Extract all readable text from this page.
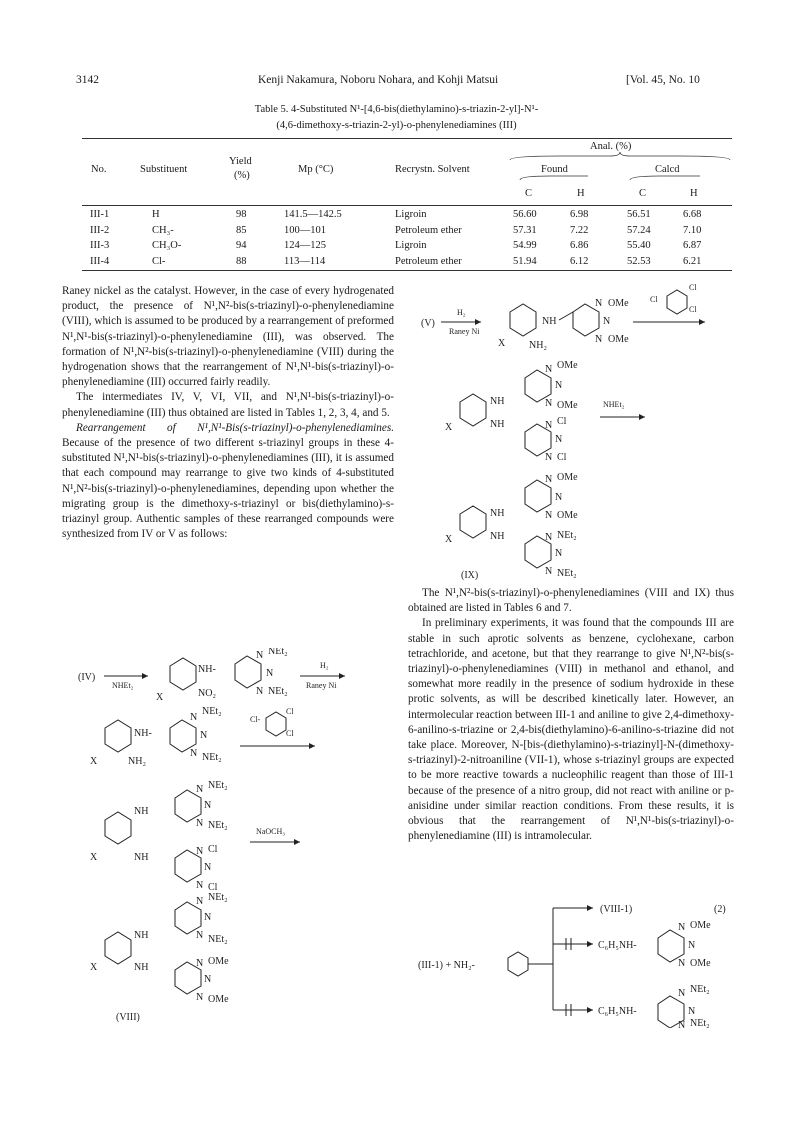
3142	Kenji Nakamura, Noboru Nohara, and Kohji Matsui	[Vol. 45, No. 10
Table 5. 4-Substituted N¹-[4,6-bis(diethylamino)-s-triazin-2-yl]-N¹-
(4,6-dimethoxy-s-triazin-2-yl)-o-phenylenediamines (III)
No.	Substituent
Yield
(%)
Mp (°C)	Recrystn. Solvent
Anal. (%)
Found	Calcd
C	H	C	H
III-1	H	98	141.5—142.5	Ligroin	56.60	6.98	56.51	6.68
III-2	CH₃-	85	100—101	Petroleum ether	57.31	7.22	57.24	7.10
III-3	CH₃O-	94	124—125	Ligroin	54.99	6.86	55.40	6.87
III-4	Cl-	88	113—114	Petroleum ether	51.94	6.12	52.53	6.21

Raney nickel as the catalyst. However, in the case of every hydrogenated product, the presence of N¹,N²-bis(s-triazinyl)-o-phenylenediamine (VIII), which is assumed to be produced by a rearrangement of preformed N¹,N¹-bis(s-triazinyl)-o-phenylenediamine (III), was observed. The formation of N¹,N²-bis(s-triazinyl)-o-phenylenediamine (VIII) during the hydrogenation shows that the rearrangement of N¹,N¹-bis(s-triazinyl)-o-phenylenediamine (III) occurred fairly readily.

The intermediates IV, V, VI, VII, and N¹,N¹-bis(s-triazinyl)-o-phenylenediamine (III) thus obtained are listed in Tables 1, 2, 3, 4, and 5.

Rearrangement of N¹,N¹-Bis(s-triazinyl)-o-phenylenediamines. Because of the presence of two different s-triazinyl groups in these 4-substituted N¹,N¹-bis(s-triazinyl)-o-phenylenediamines (III), it is assumed that each compound may rearrange to give two kinds of 4-substituted N¹,N²-bis(s-triazinyl)-o-phenylenediamines, depending upon whether the migrating group is the dimethoxy-s-triazinyl or bis(diethylamino)-s-triazinyl group. Authentic samples of these rearranged compounds were synthesized from IV or V as follows:

(V)
H₂
Raney Ni
NH
NH₂
X
N OMe
N
N OMe
Cl
Cl
Cl
NH
NH
X
N OMe
N
N OMe
N Cl
N
N Cl
NHEt₂
NH
NH
X
N OMe
N
N OMe
N NEt₂
N
N NEt₂
(IX)

The N¹,N²-bis(s-triazinyl)-o-phenylenediamines (VIII and IX) thus obtained are listed in Tables 6 and 7.

In preliminary experiments, it was found that the compounds III are stable in such aprotic solvents as benzene, cyclohexane, carbon tetrachloride, and acetone, but that they rearrange to give N¹,N²-bis(s-triazinyl)-o-phenylenediamines (VIII) in methanol and ethanol, and somewhat more readily in the presence of sodium hydroxide in these protic solvents, as will be described kinetically later. However, an intermolecular reaction between III-1 and aniline to give 2,4-dimethoxy-6-anilino-s-triazine or 2,4-bis(diethylamino)-6-anilino-s-triazine did not take place. Moreover, N-[bis-(diethylamino)-s-triazinyl]-N-(dimethoxy-s-triazinyl)-2-nitroaniline (VII-1), whose s-triazinyl groups are expected to be more reactive towards a nucleophilic reagent than those of III-1 because of the presence of a nitro group, did not react with aniline or p-anisidine under similar reaction conditions. From these results, it is obvious that the rearrangement of N¹,N¹-bis(s-triazinyl)-o-phenylenediamine (III) is intramolecular.

(IV)
NHEt₂
NH-
NO₂
X
N NEt₂
N
N NEt₂
H₂
Raney Ni
NH-
NH₂
X
N
NEt₂
N
N NEt₂
Cl-
Cl
Cl
NH
NH
X
N NEt₂
N
N NEt₂
N Cl
N
N Cl
NaOCH₃
NH
NH
X
N NEt₂
N
N NEt₂
N OMe
N
N OMe
(VIII)
(VIII-1)	(2)
(III-1) + NH₂-
C₆H₅NH-
N OMe
N
N OMe
C₆H₅NH-
N NEt₂
N
N NEt₂
